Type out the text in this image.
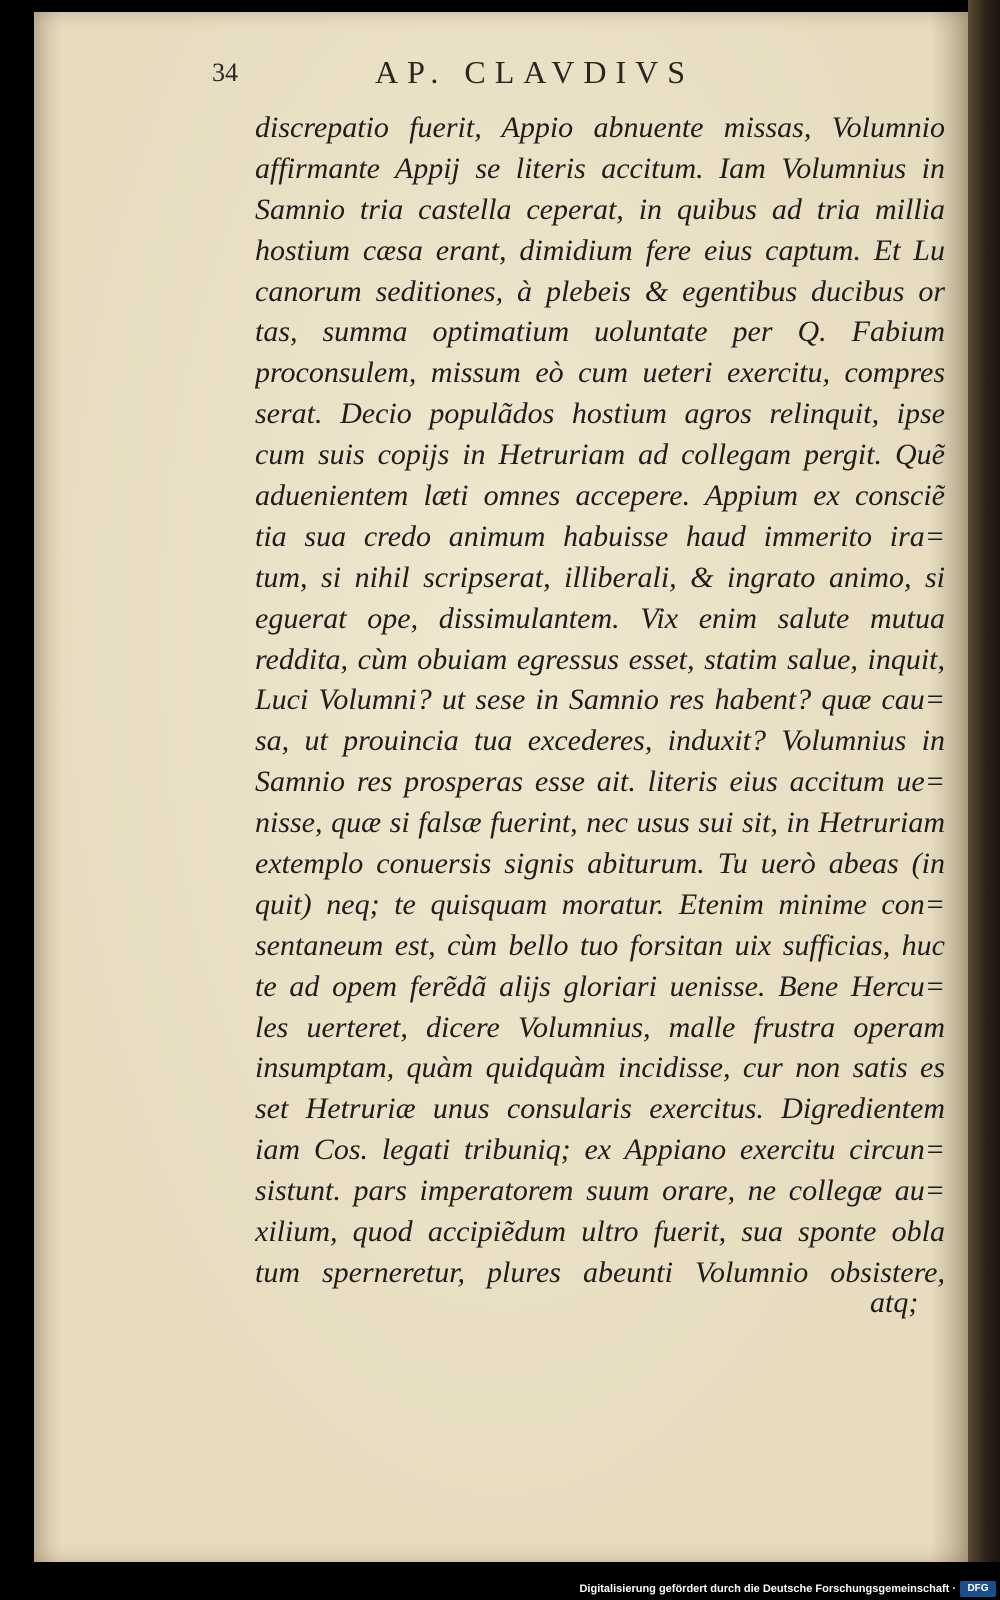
34	AP. CLAVDIVS
discrepatio fuerit, Appio abnuente missas, Volumnio
affirmante Appij se literis accitum. Iam Volumnius in
Samnio tria castella ceperat, in quibus ad tria millia
hostium cæsa erant, dimidium fere eius captum. Et Lu
canorum seditiones, à plebeis & egentibus ducibus or
tas, summa optimatium uoluntate per Q. Fabium
proconsulem, missum eò cum ueteri exercitu, compres
serat. Decio populãdos hostium agros relinquit, ipse
cum suis copijs in Hetruriam ad collegam pergit. Quẽ
aduenientem læti omnes accepere. Appium ex consciẽ
tia sua credo animum habuisse haud immerito ira=
tum, si nihil scripserat, illiberali, & ingrato animo, si
eguerat ope, dissimulantem. Vix enim salute mutua
reddita, cùm obuiam egressus esset, statim salue, inquit,
Luci Volumni? ut sese in Samnio res habent? quæ cau=
sa, ut prouincia tua excederes, induxit? Volumnius in
Samnio res prosperas esse ait. literis eius accitum ue=
nisse, quæ si falsæ fuerint, nec usus sui sit, in Hetruriam
extemplo conuersis signis abiturum. Tu uerò abeas (in
quit) neq; te quisquam moratur. Etenim minime con=
sentaneum est, cùm bello tuo forsitan uix sufficias, huc
te ad opem ferẽdã alijs gloriari uenisse. Bene Hercu=
les uerteret, dicere Volumnius, malle frustra operam
insumptam, quàm quidquàm incidisse, cur non satis es
set Hetruriæ unus consularis exercitus. Digredientem
iam Cos. legati tribuniq; ex Appiano exercitu circun=
sistunt. pars imperatorem suum orare, ne collegæ au=
xilium, quod accipiẽdum ultro fuerit, sua sponte obla
tum sperneretur, plures abeunti Volumnio obsistere,
atq;
Digitalisierung gefördert durch die Deutsche Forschungsgemeinschaft ·	DFG
